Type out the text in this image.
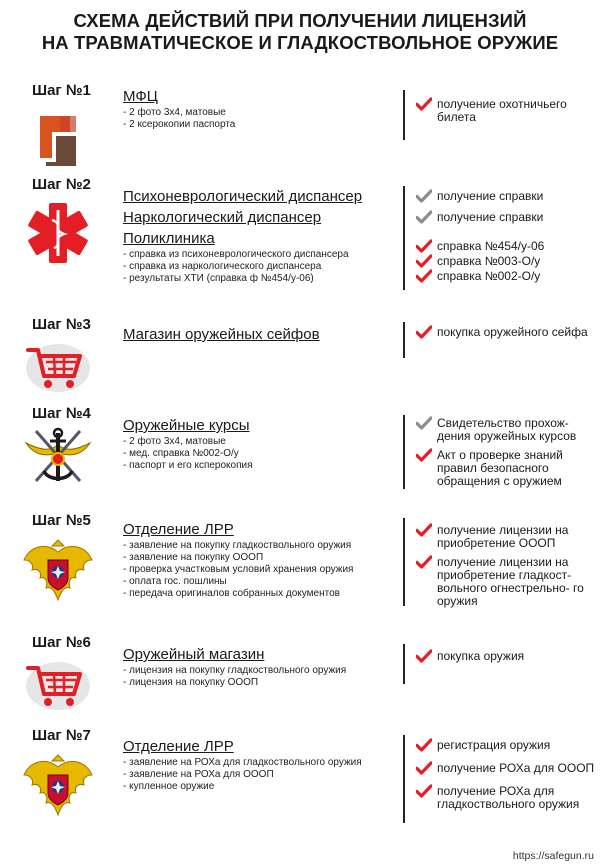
СХЕМА ДЕЙСТВИЙ ПРИ ПОЛУЧЕНИИ ЛИЦЕНЗИЙ
НА ТРАВМАТИЧЕСКОЕ И ГЛАДКОСТВОЛЬНОЕ ОРУЖИЕ
Шаг №1 МФЦ
- 2 фото 3х4, матовые
- 2 ксерокопии паспорта
получение охотничьего билета
Шаг №2
Психоневрологический диспансер
Наркологический диспансер
Поликлиника
- справка из психоневрологического диспансера
- справка из наркологического диспансера
- результаты ХТИ (справка ф №454/у-06)
получение справки
получение справки
справка №454/у-06
справка №003-О/у
справка №002-О/у
Шаг №3
Магазин оружейных сейфов	покупка оружейного сейфа
Шаг №4
Оружейные курсы
- 2 фото 3х4, матовые
- мед. справка №002-О/у
- паспорт и его ксперокопия
Свидетельство прохож- дения оружейных курсов
Акт о проверке знаний правил безопасного обращения с оружием
Шаг №5
Отделение ЛРР
- заявление на покупку гладкоствольного оружия
- заявление на покупку ОООП
- проверка участковым условий хранения оружия
- оплата гос. пошлины
- передача оригиналов собранных документов
получение лицензии на приобретение ОООП
получение лицензии на приобретение гладкост- вольного огнестрельно- го оружия
Шаг №6
Оружейный магазин
- лицензия на покупку гладкоствольного оружия
- лицензия на покупку ОООП
покупка оружия
Шаг №7
Отделение ЛРР
- заявление на РОХа для гладкоствольного оружия
- заявление на РОХа для ОООП
- купленное оружие
регистрация оружия
получение РОХа для ОООП
получение РОХа для гладкоствольного оружия
https://safegun.ru
